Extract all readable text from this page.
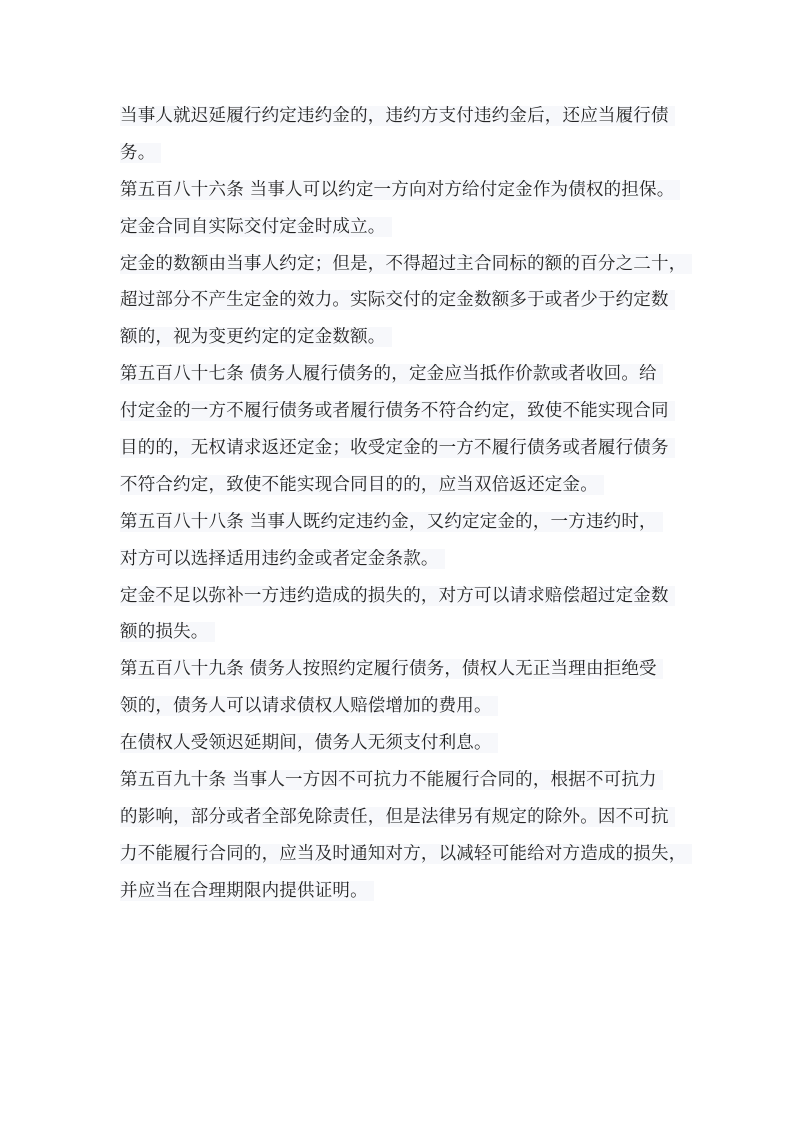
当事人就迟延履行约定违约金的，违约方支付违约金后，还应当履行债
务。
第五百八十六条 当事人可以约定一方向对方给付定金作为债权的担保。
定金合同自实际交付定金时成立。
定金的数额由当事人约定；但是，不得超过主合同标的额的百分之二十，
超过部分不产生定金的效力。实际交付的定金数额多于或者少于约定数
额的，视为变更约定的定金数额。
第五百八十七条 债务人履行债务的，定金应当抵作价款或者收回。给
付定金的一方不履行债务或者履行债务不符合约定，致使不能实现合同
目的的，无权请求返还定金；收受定金的一方不履行债务或者履行债务
不符合约定，致使不能实现合同目的的，应当双倍返还定金。
第五百八十八条 当事人既约定违约金，又约定定金的，一方违约时，
对方可以选择适用违约金或者定金条款。
定金不足以弥补一方违约造成的损失的，对方可以请求赔偿超过定金数
额的损失。
第五百八十九条 债务人按照约定履行债务，债权人无正当理由拒绝受
领的，债务人可以请求债权人赔偿增加的费用。
在债权人受领迟延期间，债务人无须支付利息。
第五百九十条 当事人一方因不可抗力不能履行合同的，根据不可抗力
的影响，部分或者全部免除责任，但是法律另有规定的除外。因不可抗
力不能履行合同的，应当及时通知对方，以减轻可能给对方造成的损失，
并应当在合理期限内提供证明。
